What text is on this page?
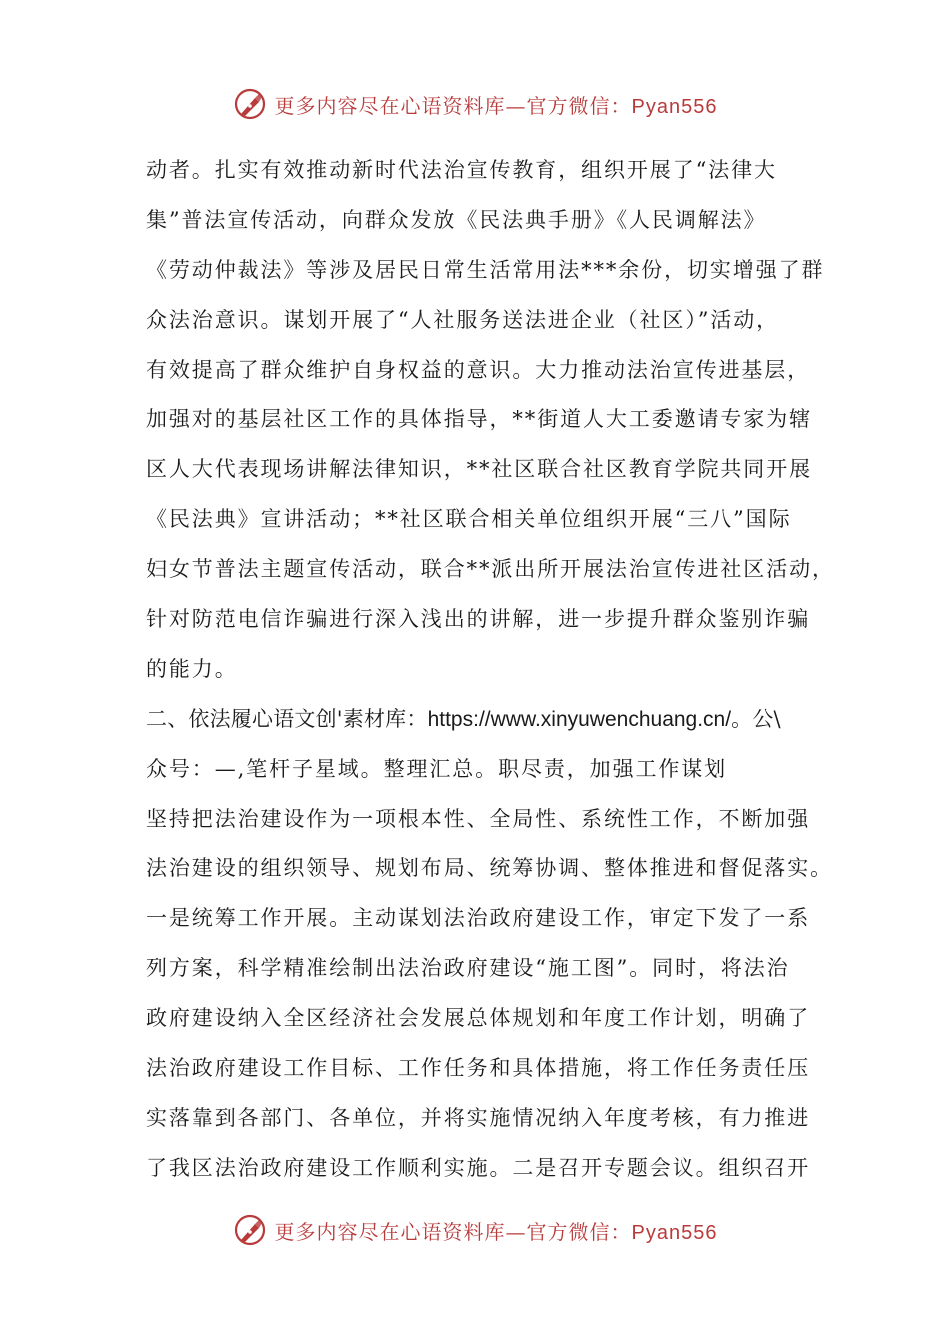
更多内容尽在心语资料库—官方微信：Pyan556
动者。扎实有效推动新时代法治宣传教育，组织开展了“法律大
集”普法宣传活动，向群众发放《民法典手册》《人民调解法》
《劳动仲裁法》等涉及居民日常生活常用法***余份，切实增强了群
众法治意识。谋划开展了“人社服务送法进企业（社区）”活动，
有效提高了群众维护自身权益的意识。大力推动法治宣传进基层，
加强对的基层社区工作的具体指导，**街道人大工委邀请专家为辖
区人大代表现场讲解法律知识，**社区联合社区教育学院共同开展
《民法典》宣讲活动；**社区联合相关单位组织开展“三八”国际
妇女节普法主题宣传活动，联合**派出所开展法治宣传进社区活动，
针对防范电信诈骗进行深入浅出的讲解，进一步提升群众鉴别诈骗
的能力。
二、依法履心语文创'素材库：https://www.xinyuwenchuang.cn/。公\
众号：—,笔杆子星域。整理汇总。职尽责，加强工作谋划
坚持把法治建设作为一项根本性、全局性、系统性工作，不断加强
法治建设的组织领导、规划布局、统筹协调、整体推进和督促落实。
一是统筹工作开展。主动谋划法治政府建设工作，审定下发了一系
列方案，科学精准绘制出法治政府建设“施工图”。同时，将法治
政府建设纳入全区经济社会发展总体规划和年度工作计划，明确了
法治政府建设工作目标、工作任务和具体措施，将工作任务责任压
实落靠到各部门、各单位，并将实施情况纳入年度考核，有力推进
了我区法治政府建设工作顺利实施。二是召开专题会议。组织召开
更多内容尽在心语资料库—官方微信：Pyan556
